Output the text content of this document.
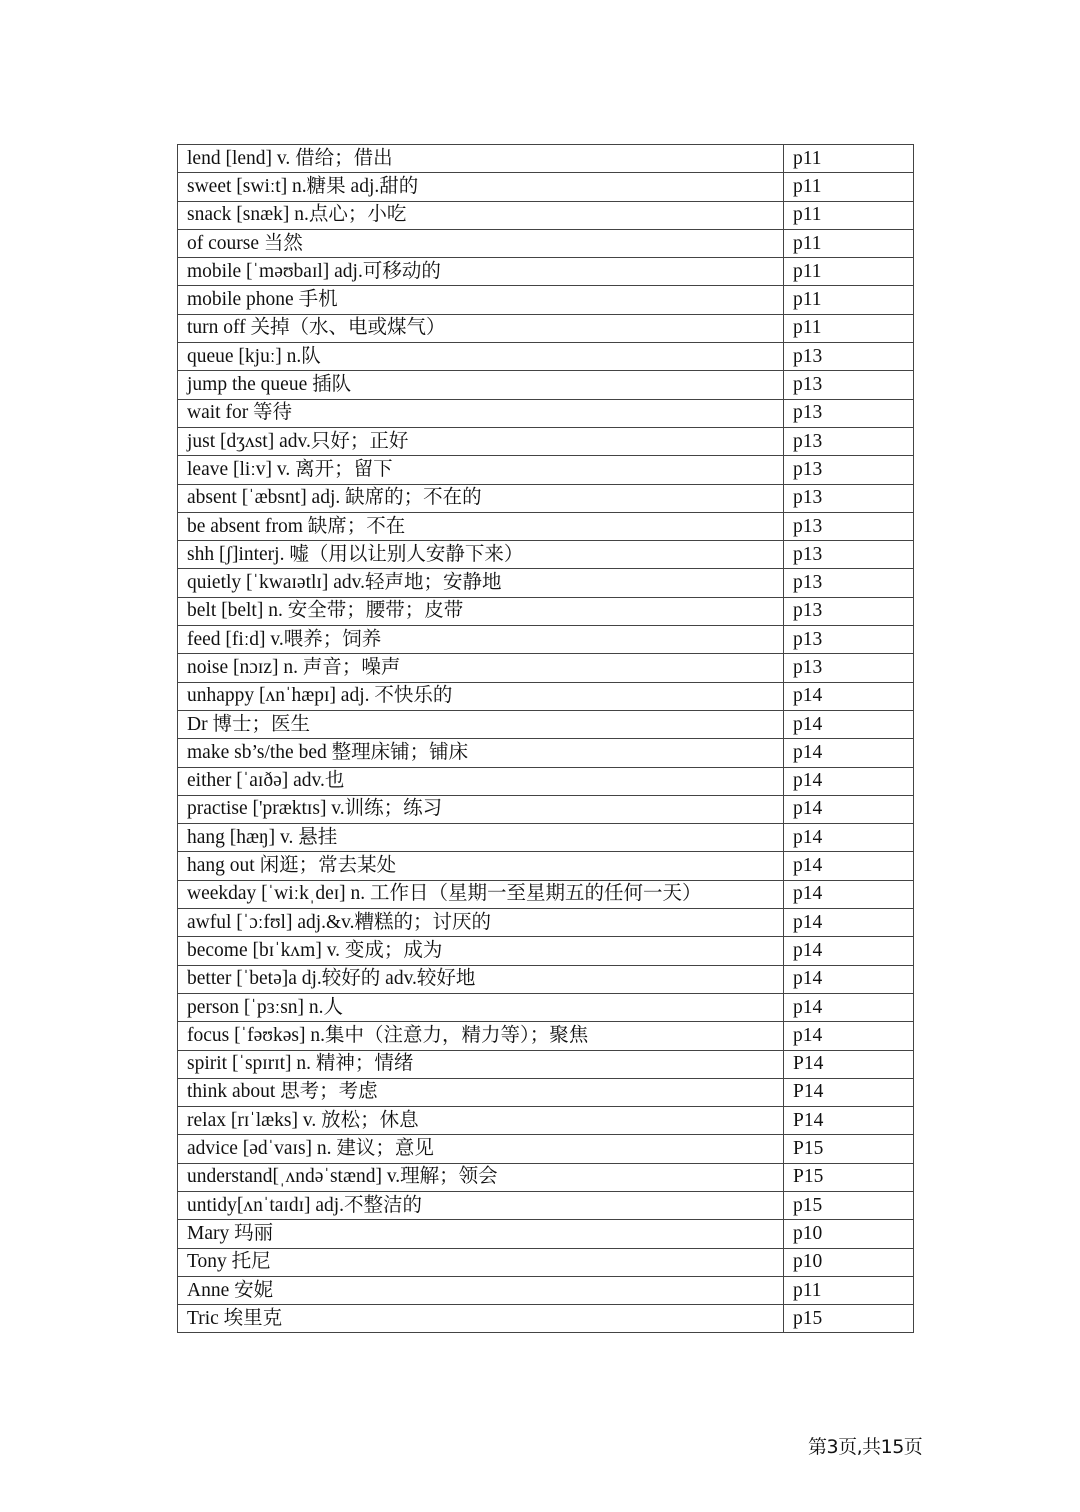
lend [lend] v. 借给；借出	p11
sweet [swiːt] n.糖果 adj.甜的	p11
snack [snæk] n.点心；小吃	p11
of course 当然	p11
mobile [ˈməʊbaɪl] adj.可移动的	p11
mobile phone 手机	p11
turn off 关掉（水、电或煤气）	p11
queue [kjuː] n.队	p13
jump the queue 插队	p13
wait for 等待	p13
just [dʒʌst] adv.只好；正好	p13
leave [liːv] v. 离开；留下	p13
absent [ˈæbsnt] adj. 缺席的；不在的	p13
be absent from 缺席；不在	p13
shh [ʃ]interj. 嘘（用以让别人安静下来）	p13
quietly [ˈkwaɪətlɪ] adv.轻声地；安静地	p13
belt [belt] n. 安全带；腰带；皮带	p13
feed [fiːd] v.喂养；饲养	p13
noise [nɔɪz] n. 声音；噪声	p13
unhappy [ʌnˈhæpɪ] adj. 不快乐的	p14
Dr 博士；医生	p14
make sb’s/the bed 整理床铺；铺床	p14
either [ˈaɪðə] adv.也	p14
practise ['præktɪs] v.训练；练习	p14
hang [hæŋ] v. 悬挂	p14
hang out 闲逛；常去某处	p14
weekday [ˈwiːkˌdeɪ] n. 工作日（星期一至星期五的任何一天）	p14
awful [ˈɔːfʊl] adj.&v.糟糕的；讨厌的	p14
become [bɪˈkʌm] v. 变成；成为	p14
better [ˈbetə]a dj.较好的 adv.较好地	p14
person [ˈpɜːsn] n.人	p14
focus [ˈfəʊkəs] n.集中（注意力，精力等）；聚焦	p14
spirit [ˈspɪrɪt] n. 精神；情绪	P14
think about 思考；考虑	P14
relax [rɪˈlæks] v. 放松；休息	P14
advice [ədˈvaɪs] n. 建议；意见	P15
understand[ˌʌndəˈstænd] v.理解；领会	P15
untidy[ʌnˈtaɪdɪ] adj.不整洁的	p15
Mary 玛丽	p10
Tony 托尼	p10
Anne 安妮	p11
Tric 埃里克	p15
第3页,共15页
